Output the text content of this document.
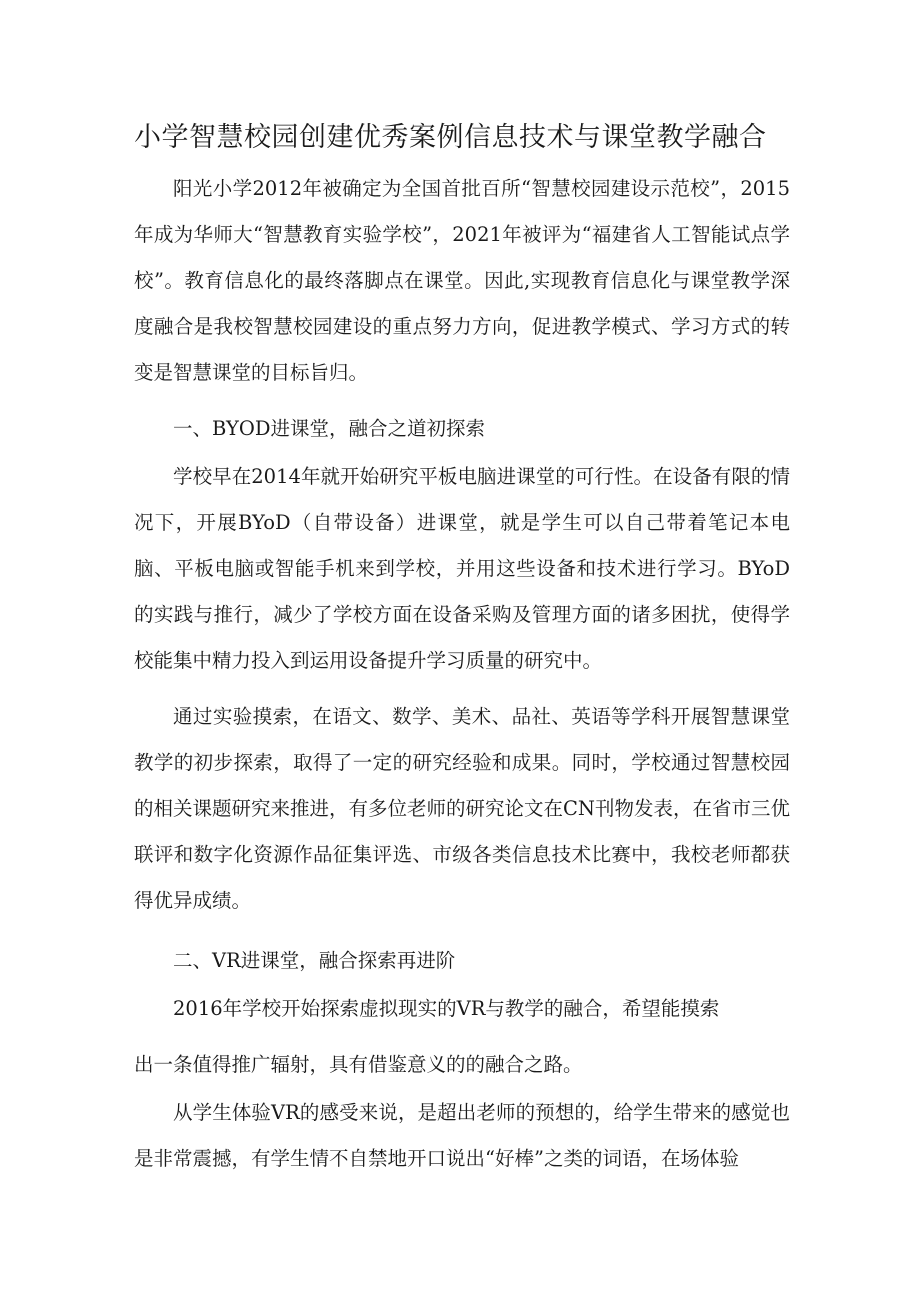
小学智慧校园创建优秀案例信息技术与课堂教学融合
阳光小学2012年被确定为全国首批百所“智慧校园建设示范校”，2015年成为华师大“智慧教育实验学校”，2021年被评为“福建省人工智能试点学校”。教育信息化的最终落脚点在课堂。因此,实现教育信息化与课堂教学深度融合是我校智慧校园建设的重点努力方向，促进教学模式、学习方式的转变是智慧课堂的目标旨归。
一、BYOD进课堂，融合之道初探索
学校早在2014年就开始研究平板电脑进课堂的可行性。在设备有限的情况下，开展BYoD（自带设备）进课堂，就是学生可以自己带着笔记本电脑、平板电脑或智能手机来到学校，并用这些设备和技术进行学习。BYoD的实践与推行，减少了学校方面在设备采购及管理方面的诸多困扰，使得学校能集中精力投入到运用设备提升学习质量的研究中。
通过实验摸索，在语文、数学、美术、品社、英语等学科开展智慧课堂教学的初步探索，取得了一定的研究经验和成果。同时，学校通过智慧校园的相关课题研究来推进，有多位老师的研究论文在CN刊物发表，在省市三优联评和数字化资源作品征集评选、市级各类信息技术比赛中，我校老师都获得优异成绩。
二、VR进课堂，融合探索再进阶
2016年学校开始探索虚拟现实的VR与教学的融合，希望能摸索
出一条值得推广辐射，具有借鉴意义的的融合之路。
从学生体验VR的感受来说，是超出老师的预想的，给学生带来的感觉也是非常震撼，有学生情不自禁地开口说出“好棒”之类的词语，在场体验
